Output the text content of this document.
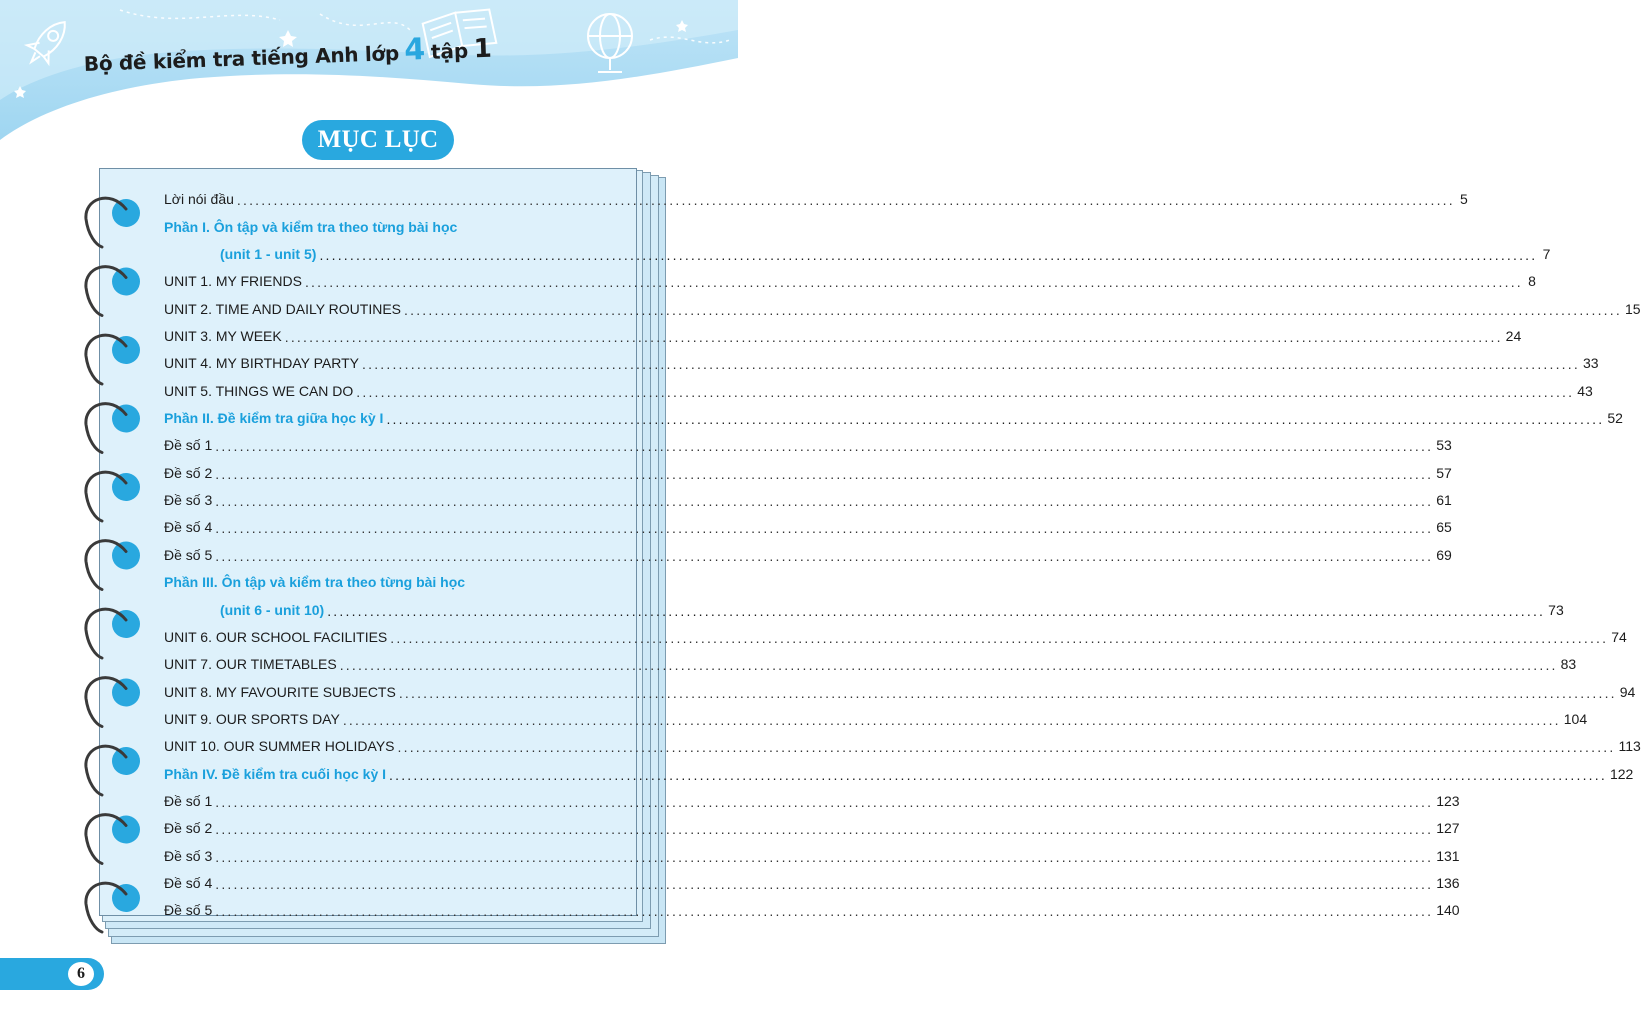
Bộ đề kiểm tra tiếng Anh lớp 4 tập 1
MỤC LỤC
Lời nói đầu ........................................................................................................................................................................................................ 5
Phần I. Ôn tập và kiểm tra theo từng bài học
(unit 1 - unit 5) ........................................................................................................................................................................................................ 7
UNIT 1. MY FRIENDS ........................................................................................................................................................................................................ 8
UNIT 2. TIME AND DAILY ROUTINES ........................................................................................................................................................................................................ 15
UNIT 3. MY WEEK ........................................................................................................................................................................................................ 24
UNIT 4. MY BIRTHDAY PARTY ........................................................................................................................................................................................................ 33
UNIT 5. THINGS WE CAN DO ........................................................................................................................................................................................................ 43
Phần II. Đề kiểm tra giữa học kỳ I ........................................................................................................................................................................................................ 52
Đề số 1 ........................................................................................................................................................................................................ 53
Đề số 2 ........................................................................................................................................................................................................ 57
Đề số 3 ........................................................................................................................................................................................................ 61
Đề số 4 ........................................................................................................................................................................................................ 65
Đề số 5 ........................................................................................................................................................................................................ 69
Phần III. Ôn tập và kiểm tra theo từng bài học
(unit 6 - unit 10) ........................................................................................................................................................................................................ 73
UNIT 6. OUR SCHOOL FACILITIES ........................................................................................................................................................................................................ 74
UNIT 7. OUR TIMETABLES ........................................................................................................................................................................................................ 83
UNIT 8. MY FAVOURITE SUBJECTS ........................................................................................................................................................................................................ 94
UNIT 9. OUR SPORTS DAY ........................................................................................................................................................................................................ 104
UNIT 10. OUR SUMMER HOLIDAYS ........................................................................................................................................................................................................ 113
Phần IV. Đề kiểm tra cuối học kỳ I ........................................................................................................................................................................................................ 122
Đề số 1 ........................................................................................................................................................................................................ 123
Đề số 2 ........................................................................................................................................................................................................ 127
Đề số 3 ........................................................................................................................................................................................................ 131
Đề số 4 ........................................................................................................................................................................................................ 136
Đề số 5 ........................................................................................................................................................................................................ 140
6
